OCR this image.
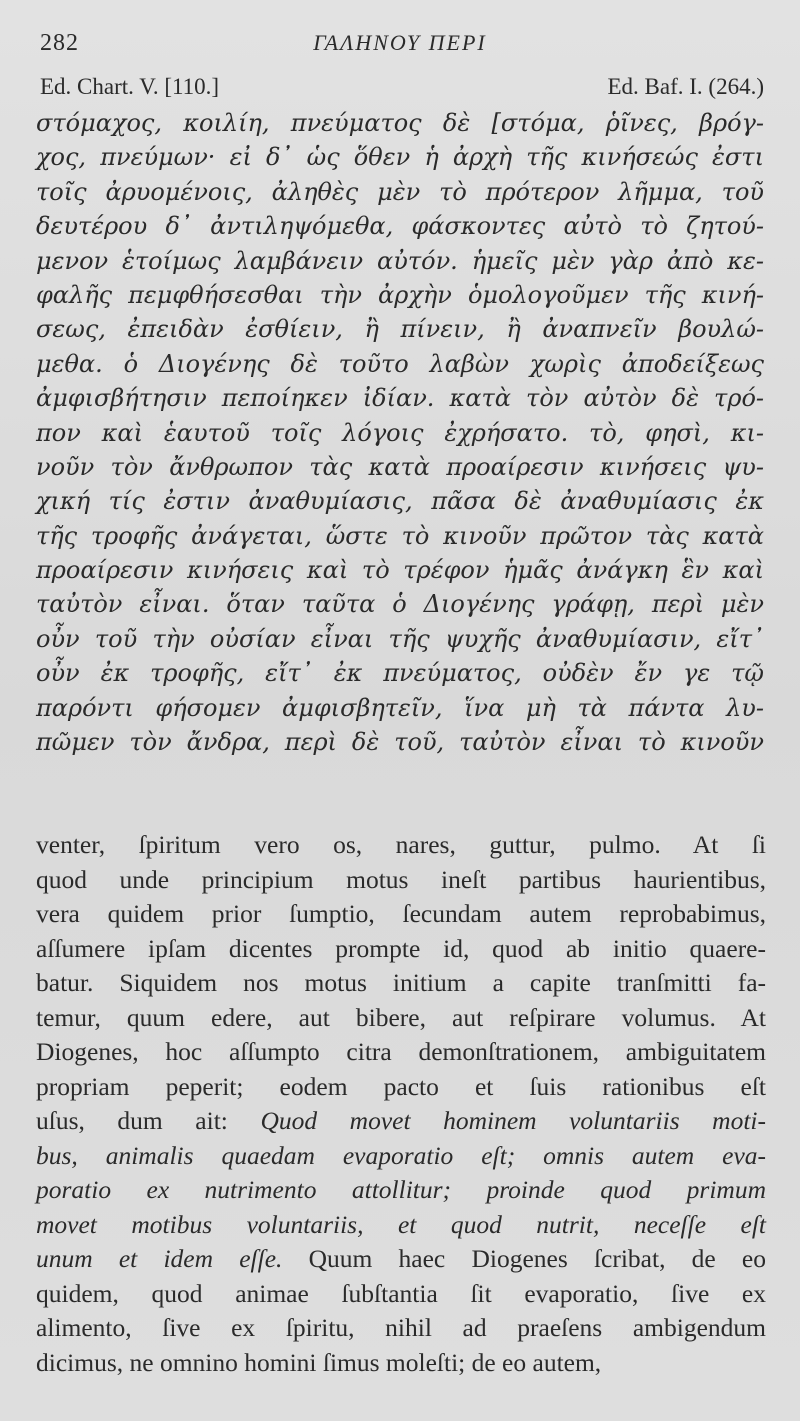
282	ΓΑΛΗΝΟΥ ΠΕΡΙ
Ed. Chart. V. [110.]	Ed. Baf. I. (264.)
στόμαχος, κοιλίη, πνεύματος δὲ [στόμα, ῥῖνες, βρόγ-
χος, πνεύμων· εἰ δ᾽ ὡς ὅθεν ἡ ἀρχὴ τῆς κινήσεώς ἐστι
τοῖς ἀρυομένοις, ἀληθὲς μὲν τὸ πρότερον λῆμμα, τοῦ
δευτέρου δ᾽ ἀντιληψόμεθα, φάσκοντες αὐτὸ τὸ ζητού-
μενον ἑτοίμως λαμβάνειν αὐτόν. ἡμεῖς μὲν γὰρ ἀπὸ κε-
φαλῆς πεμφθήσεσθαι τὴν ἀρχὴν ὁμολογοῦμεν τῆς κινή-
σεως, ἐπειδὰν ἐσθίειν, ἢ πίνειν, ἢ ἀναπνεῖν βουλώ-
μεθα. ὁ Διογένης δὲ τοῦτο λαβὼν χωρὶς ἀποδείξεως
ἀμφισβήτησιν πεποίηκεν ἰδίαν. κατὰ τὸν αὐτὸν δὲ τρό-
πον καὶ ἑαυτοῦ τοῖς λόγοις ἐχρήσατο. τὸ, φησὶ, κι-
νοῦν τὸν ἄνθρωπον τὰς κατὰ προαίρεσιν κινήσεις ψυ-
χική τίς ἐστιν ἀναθυμίασις, πᾶσα δὲ ἀναθυμίασις ἐκ
τῆς τροφῆς ἀνάγεται, ὥστε τὸ κινοῦν πρῶτον τὰς κατὰ
προαίρεσιν κινήσεις καὶ τὸ τρέφον ἡμᾶς ἀνάγκη ἓν καὶ
ταὐτὸν εἶναι. ὅταν ταῦτα ὁ Διογένης γράφῃ, περὶ μὲν
οὖν τοῦ τὴν οὐσίαν εἶναι τῆς ψυχῆς ἀναθυμίασιν, εἴτ᾽
οὖν ἐκ τροφῆς, εἴτ᾽ ἐκ πνεύματος, οὐδὲν ἔν γε τῷ
παρόντι φήσομεν ἀμφισβητεῖν, ἵνα μὴ τὰ πάντα λυ-
πῶμεν τὸν ἄνδρα, περὶ δὲ τοῦ, ταὐτὸν εἶναι τὸ κινοῦν
venter, ſpiritum vero os, nares, guttur, pulmo. At ſi
quod unde principium motus ineſt partibus haurientibus,
vera quidem prior ſumptio, ſecundam autem reprobabimus,
aſſumere ipſam dicentes prompte id, quod ab initio quaere-
batur. Siquidem nos motus initium a capite tranſmitti fa-
temur, quum edere, aut bibere, aut reſpirare volumus. At
Diogenes, hoc aſſumpto citra demonſtrationem, ambiguitatem
propriam peperit; eodem pacto et ſuis rationibus eſt
uſus, dum ait: Quod movet hominem voluntariis moti-
bus, animalis quaedam evaporatio eſt; omnis autem eva-
poratio ex nutrimento attollitur; proinde quod primum
movet motibus voluntariis, et quod nutrit, neceſſe eſt
unum et idem eſſe. Quum haec Diogenes ſcribat, de eo
quidem, quod animae ſubſtantia ſit evaporatio, ſive ex
alimento, ſive ex ſpiritu, nihil ad praeſens ambigendum
dicimus, ne omnino homini ſimus moleſti; de eo autem,
